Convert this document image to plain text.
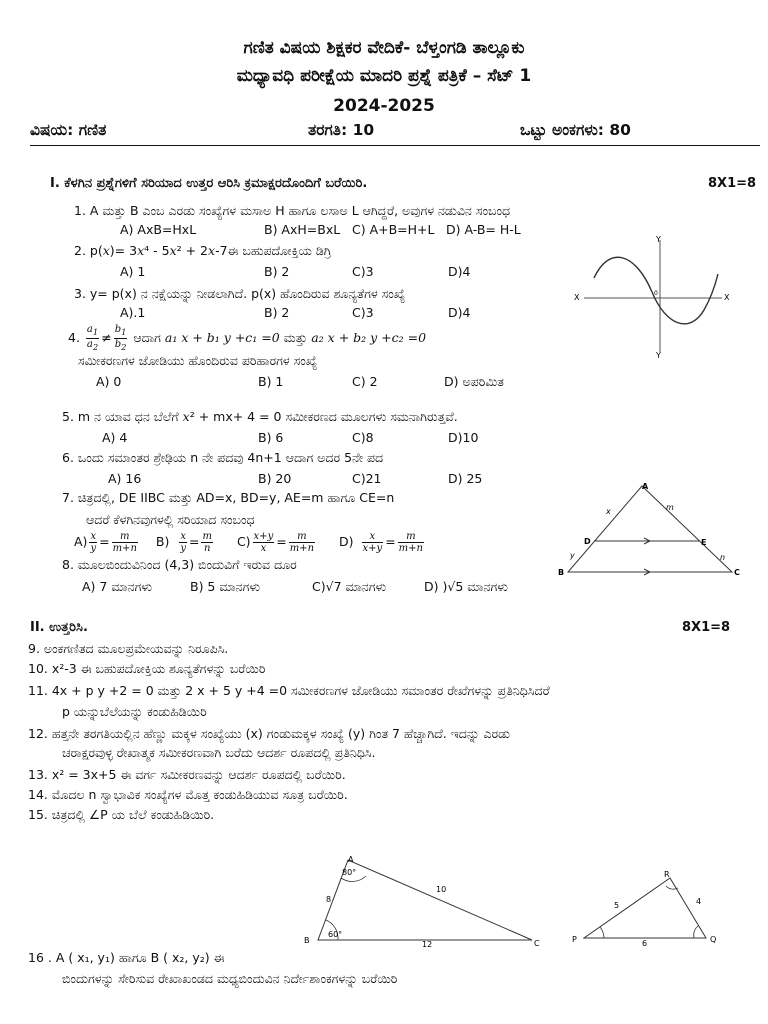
ಗಣಿತ ವಿಷಯ ಶಿಕ್ಷಕರ ವೇದಿಕೆ- ಬೆಳ್ತಂಗಡಿ ತಾಲ್ಲೂಕು
ಮಧ್ಯಾವಧಿ ಪರೀಕ್ಷೆಯ ಮಾದರಿ ಪ್ರಶ್ನೆ ಪತ್ರಿಕೆ – ಸೆಟ್ 1
2024-2025
ವಿಷಯ: ಗಣಿತ	ತರಗತಿ: 10	ಒಟ್ಟು ಅಂಕಗಳು: 80
I. ಕೆಳಗಿನ ಪ್ರಶ್ನೆಗಳಿಗೆ ಸರಿಯಾದ ಉತ್ತರ ಆರಿಸಿ ಕ್ರಮಾಕ್ಷರದೊಂದಿಗೆ ಬರೆಯಿರಿ.	8X1=8
1. A ಮತ್ತು B ಎಂಬ ಎರಡು ಸಂಖ್ಯೆಗಳ ಮಸಾಅ H ಹಾಗೂ ಲಸಾಅ L ಆಗಿದ್ದರೆ, ಅವುಗಳ ನಡುವಿನ ಸಂಬಂಧ
A) AxB=HxL	B) AxH=BxL C) A+B=H+L D) A-B= H-L
2. p(x)= 3x⁴ - 5x² + 2x-7ಈ ಬಹುಪದೋಕ್ತಿಯ ಡಿಗ್ರಿ
A) 1	B) 2	C)3	D)4
3. y= p(x) ನ ನಕ್ಷೆಯನ್ನು ನೀಡಲಾಗಿದೆ. p(x) ಹೊಂದಿರುವ ಶೂನ್ಯತೆಗಳ ಸಂಖ್ಯೆ
A).1	B) 2	C)3	D)4
4. $\frac{a_1}{a_2} \ne \frac{b_1}{b_2}$ ಆದಾಗ a₁ x + b₁ y +c₁ =0 ಮತ್ತು a₂ x + b₂ y +c₂ =0
ಸಮೀಕರಣಗಳ ಜೋಡಿಯು ಹೊಂದಿರುವ ಪರಿಹಾರಗಳ ಸಂಖ್ಯೆ
A) 0	B) 1	C) 2	D) ಅಪರಿಮಿತ
5. m ನ ಯಾವ ಧನ ಬೆಲೆಗೆ x² + mx+ 4 = 0 ಸಮೀಕರಣದ ಮೂಲಗಳು ಸಮನಾಗಿರುತ್ತವೆ.
A) 4	B) 6	C)8	D)10
6. ಒಂದು ಸಮಾಂತರ ಶ್ರೇಢಿಯ n ನೇ ಪದವು 4n+1 ಆದಾಗ ಅದರ 5ನೇ ಪದ
A) 16	B) 20	C)21	D) 25
7. ಚಿತ್ರದಲ್ಲಿ, DE IIBC ಮತ್ತು AD=x, BD=y, AE=m ಹಾಗೂ CE=n
ಆದರೆ ಕೆಳಗಿನವುಗಳಲ್ಲಿ ಸರಿಯಾದ ಸಂಬಂಧ
$A) \frac{x}{y} = \frac{m}{m+n} B) \frac{x}{y} = \frac{m}{n} C) \frac{x+y}{x} = \frac{m}{m+n} D) \frac{x}{x+y} = \frac{m}{m+n}$
8. ಮೂಲಬಿಂದುವಿನಿಂದ (4,3) ಬಿಂದುವಿಗೆ ಇರುವ ದೂರ
A) 7 ಮಾನಗಳು	B) 5 ಮಾನಗಳು	C)√7 ಮಾನಗಳು	D) )√5 ಮಾನಗಳು
II. ಉತ್ತರಿಸಿ.	8X1=8
9. ಅಂಕಗಣಿತದ ಮೂಲಪ್ರಮೇಯವನ್ನು ನಿರೂಪಿಸಿ.
10. x²-3 ಈ ಬಹುಪದೋಕ್ತಿಯ ಶೂನ್ಯತೆಗಳನ್ನು ಬರೆಯಿರಿ
11. 4x + p y +2 = 0 ಮತ್ತು 2 x + 5 y +4 =0 ಸಮೀಕರಣಗಳ ಜೋಡಿಯು ಸಮಾಂತರ ರೇಖೆಗಳನ್ನು ಪ್ರತಿನಿಧಿಸಿದರೆ
p ಯನ್ನುಬೆಲೆಯನ್ನು ಕಂಡುಹಿಡಿಯಿರಿ
12. ಹತ್ತನೇ ತರಗತಿಯಲ್ಲಿನ ಹೆಣ್ಣು ಮಕ್ಕಳ ಸಂಖ್ಯೆಯು (x) ಗಂಡುಮಕ್ಕಳ ಸಂಖ್ಯೆ (y) ಗಿಂತ 7 ಹೆಚ್ಚಾಗಿದೆ. ಇದನ್ನು ಎರಡು
ಚರಾಕ್ಷರವುಳ್ಳ ರೇಖಾತ್ಮಕ ಸಮೀಕರಣವಾಗಿ ಬರೆದು ಆದರ್ಶ ರೂಪದಲ್ಲಿ ಪ್ರತಿನಿಧಿಸಿ.
13. x² = 3x+5 ಈ ವರ್ಗ ಸಮೀಕರಣವನ್ನು ಆದರ್ಶ ರೂಪದಲ್ಲಿ ಬರೆಯಿರಿ.
14. ಮೊದಲ n ಸ್ವಾಭಾವಿಕ ಸಂಖ್ಯೆಗಳ ಮೊತ್ತ ಕಂಡುಹಿಡಿಯುವ ಸೂತ್ರ ಬರೆಯಿರಿ.
15. ಚಿತ್ರದಲ್ಲಿ ∠P ಯ ಬೆಲೆ ಕಂಡುಹಿಡಿಯಿರಿ.
16 . A ( x₁, y₁) ಹಾಗೂ B ( x₂, y₂) ಈ
ಬಿಂದುಗಳನ್ನು ಸೇರಿಸುವ ರೇಖಾಖಂಡದ ಮಧ್ಯಬಿಂದುವಿನ ನಿರ್ದೇಶಾಂಕಗಳನ್ನು ಬರೆಯಿರಿ
X	X
Y
Y
0
A
B	C
D	E
x
y
m
n
A
B	C
80°
60°
8
10
12
R
P	Q
5	4
6
